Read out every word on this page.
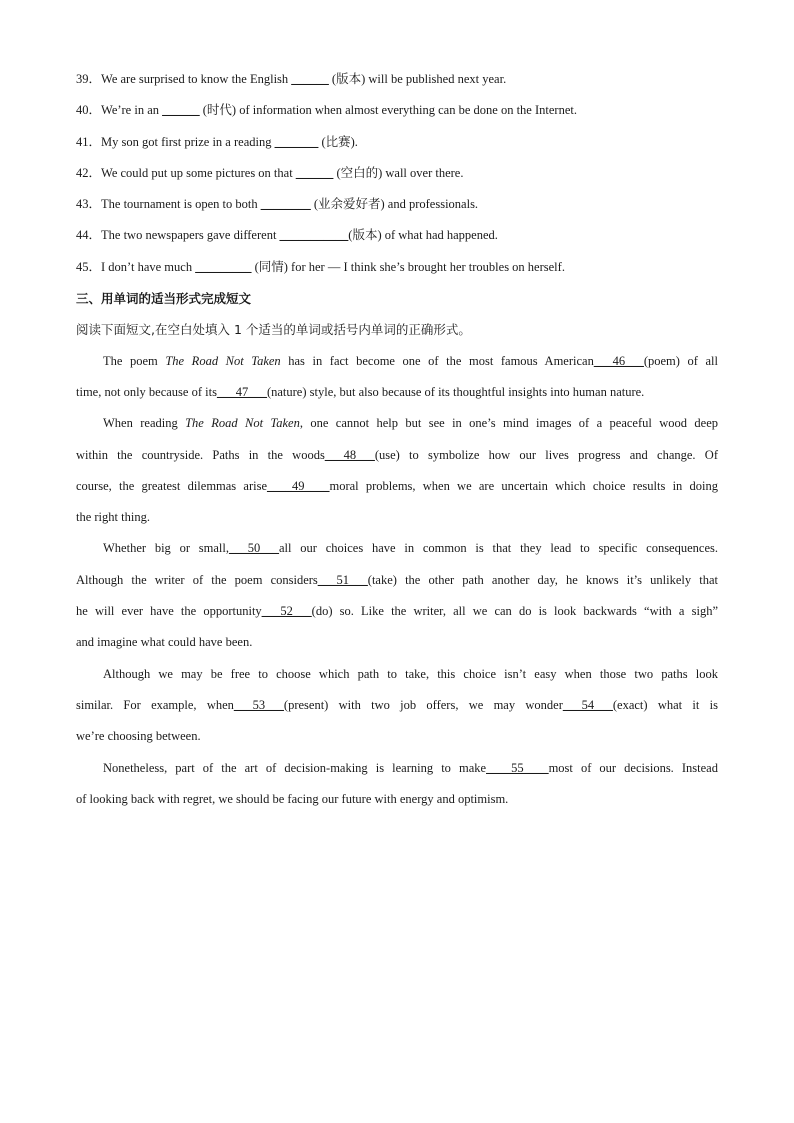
39．We are surprised to know the English ______ (版本) will be published next year.
40．We’re in an ______ (时代) of information when almost everything can be done on the Internet.
41．My son got first prize in a reading _______ (比赛).
42．We could put up some pictures on that ______ (空白的) wall over there.
43．The tournament is open to both ________ (业余爱好者) and professionals.
44．The two newspapers gave different ___________(版本) of what had happened.
45．I don’t have much _________ (同情) for her — I think she’s brought her troubles on herself.
三、用单词的适当形式完成短文
阅读下面短文,在空白处填入 1 个适当的单词或括号内单词的正确形式。
The poem The Road Not Taken has in fact become one of the most famous American___46___(poem) of all
time, not only because of its___47___(nature) style, but also because of its thoughtful insights into human nature.
When reading The Road Not Taken, one cannot help but see in one’s mind images of a peaceful wood deep
within the countryside. Paths in the woods___48___(use) to symbolize how our lives progress and change. Of
course, the greatest dilemmas arise____49____moral problems, when we are uncertain which choice results in doing
the right thing.
Whether big or small,___50___all our choices have in common is that they lead to specific consequences.
Although the writer of the poem considers___51___(take) the other path another day, he knows it’s unlikely that
he will ever have the opportunity___52___(do) so. Like the writer, all we can do is look backwards “with a sigh”
and imagine what could have been.
Although we may be free to choose which path to take, this choice isn’t easy when those two paths look
similar. For example, when___53___(present) with two job offers, we may wonder___54___(exact) what it is
we’re choosing between.
Nonetheless, part of the art of decision-making is learning to make____55____most of our decisions. Instead
of looking back with regret, we should be facing our future with energy and optimism.
